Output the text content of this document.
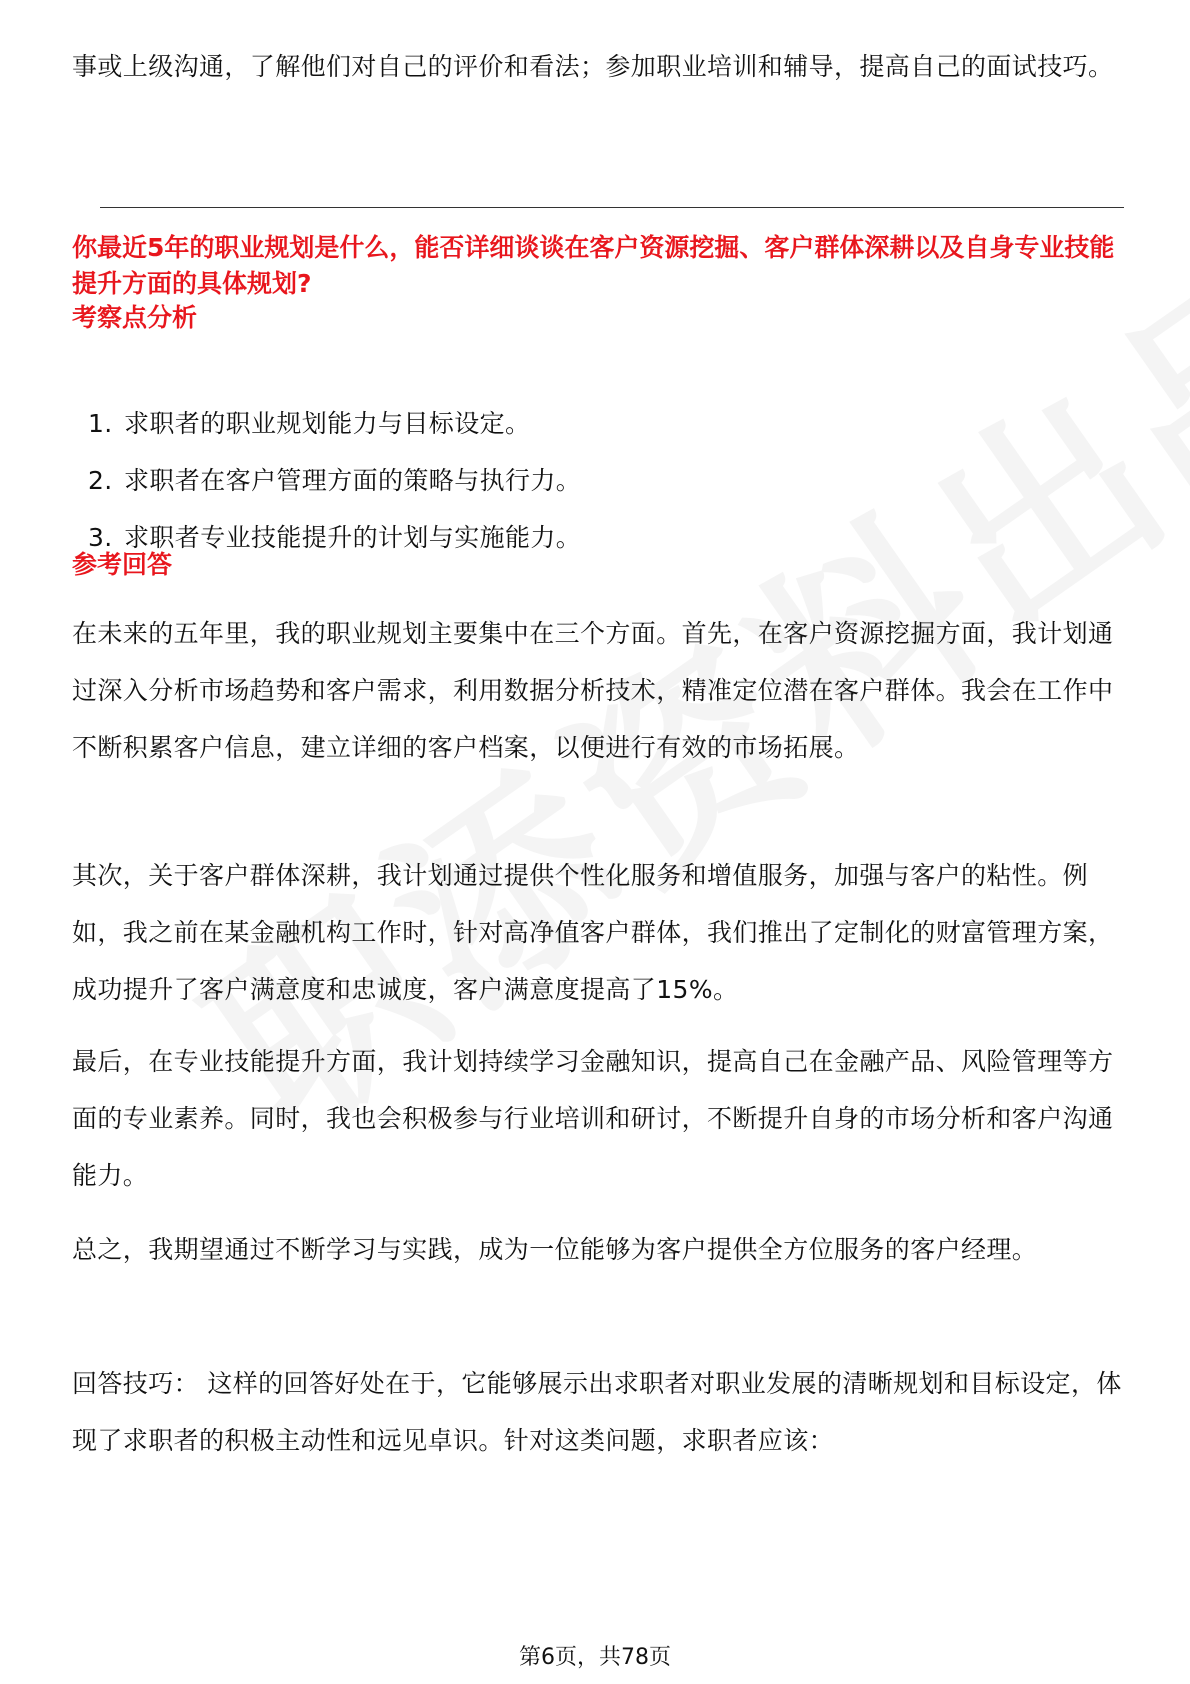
事或上级沟通，了解他们对自己的评价和看法；参加职业培训和辅导，提高自己的面试技巧。

你最近5年的职业规划是什么，能否详细谈谈在客户资源挖掘、客户群体深耕以及自身专业技能提升方面的具体规划?

考察点分析

1. 求职者的职业规划能力与目标设定。
2. 求职者在客户管理方面的策略与执行力。
3. 求职者专业技能提升的计划与实施能力。

参考回答

在未来的五年里，我的职业规划主要集中在三个方面。首先，在客户资源挖掘方面，我计划通过深入分析市场趋势和客户需求，利用数据分析技术，精准定位潜在客户群体。我会在工作中不断积累客户信息，建立详细的客户档案，以便进行有效的市场拓展。

其次，关于客户群体深耕，我计划通过提供个性化服务和增值服务，加强与客户的粘性。例如，我之前在某金融机构工作时，针对高净值客户群体，我们推出了定制化的财富管理方案，成功提升了客户满意度和忠诚度，客户满意度提高了15%。

最后，在专业技能提升方面，我计划持续学习金融知识，提高自己在金融产品、风险管理等方面的专业素养。同时，我也会积极参与行业培训和研讨，不断提升自身的市场分析和客户沟通能力。

总之，我期望通过不断学习与实践，成为一位能够为客户提供全方位服务的客户经理。

回答技巧： 这样的回答好处在于，它能够展示出求职者对职业发展的清晰规划和目标设定，体现了求职者的积极主动性和远见卓识。针对这类问题，求职者应该：

第6页，共78页
